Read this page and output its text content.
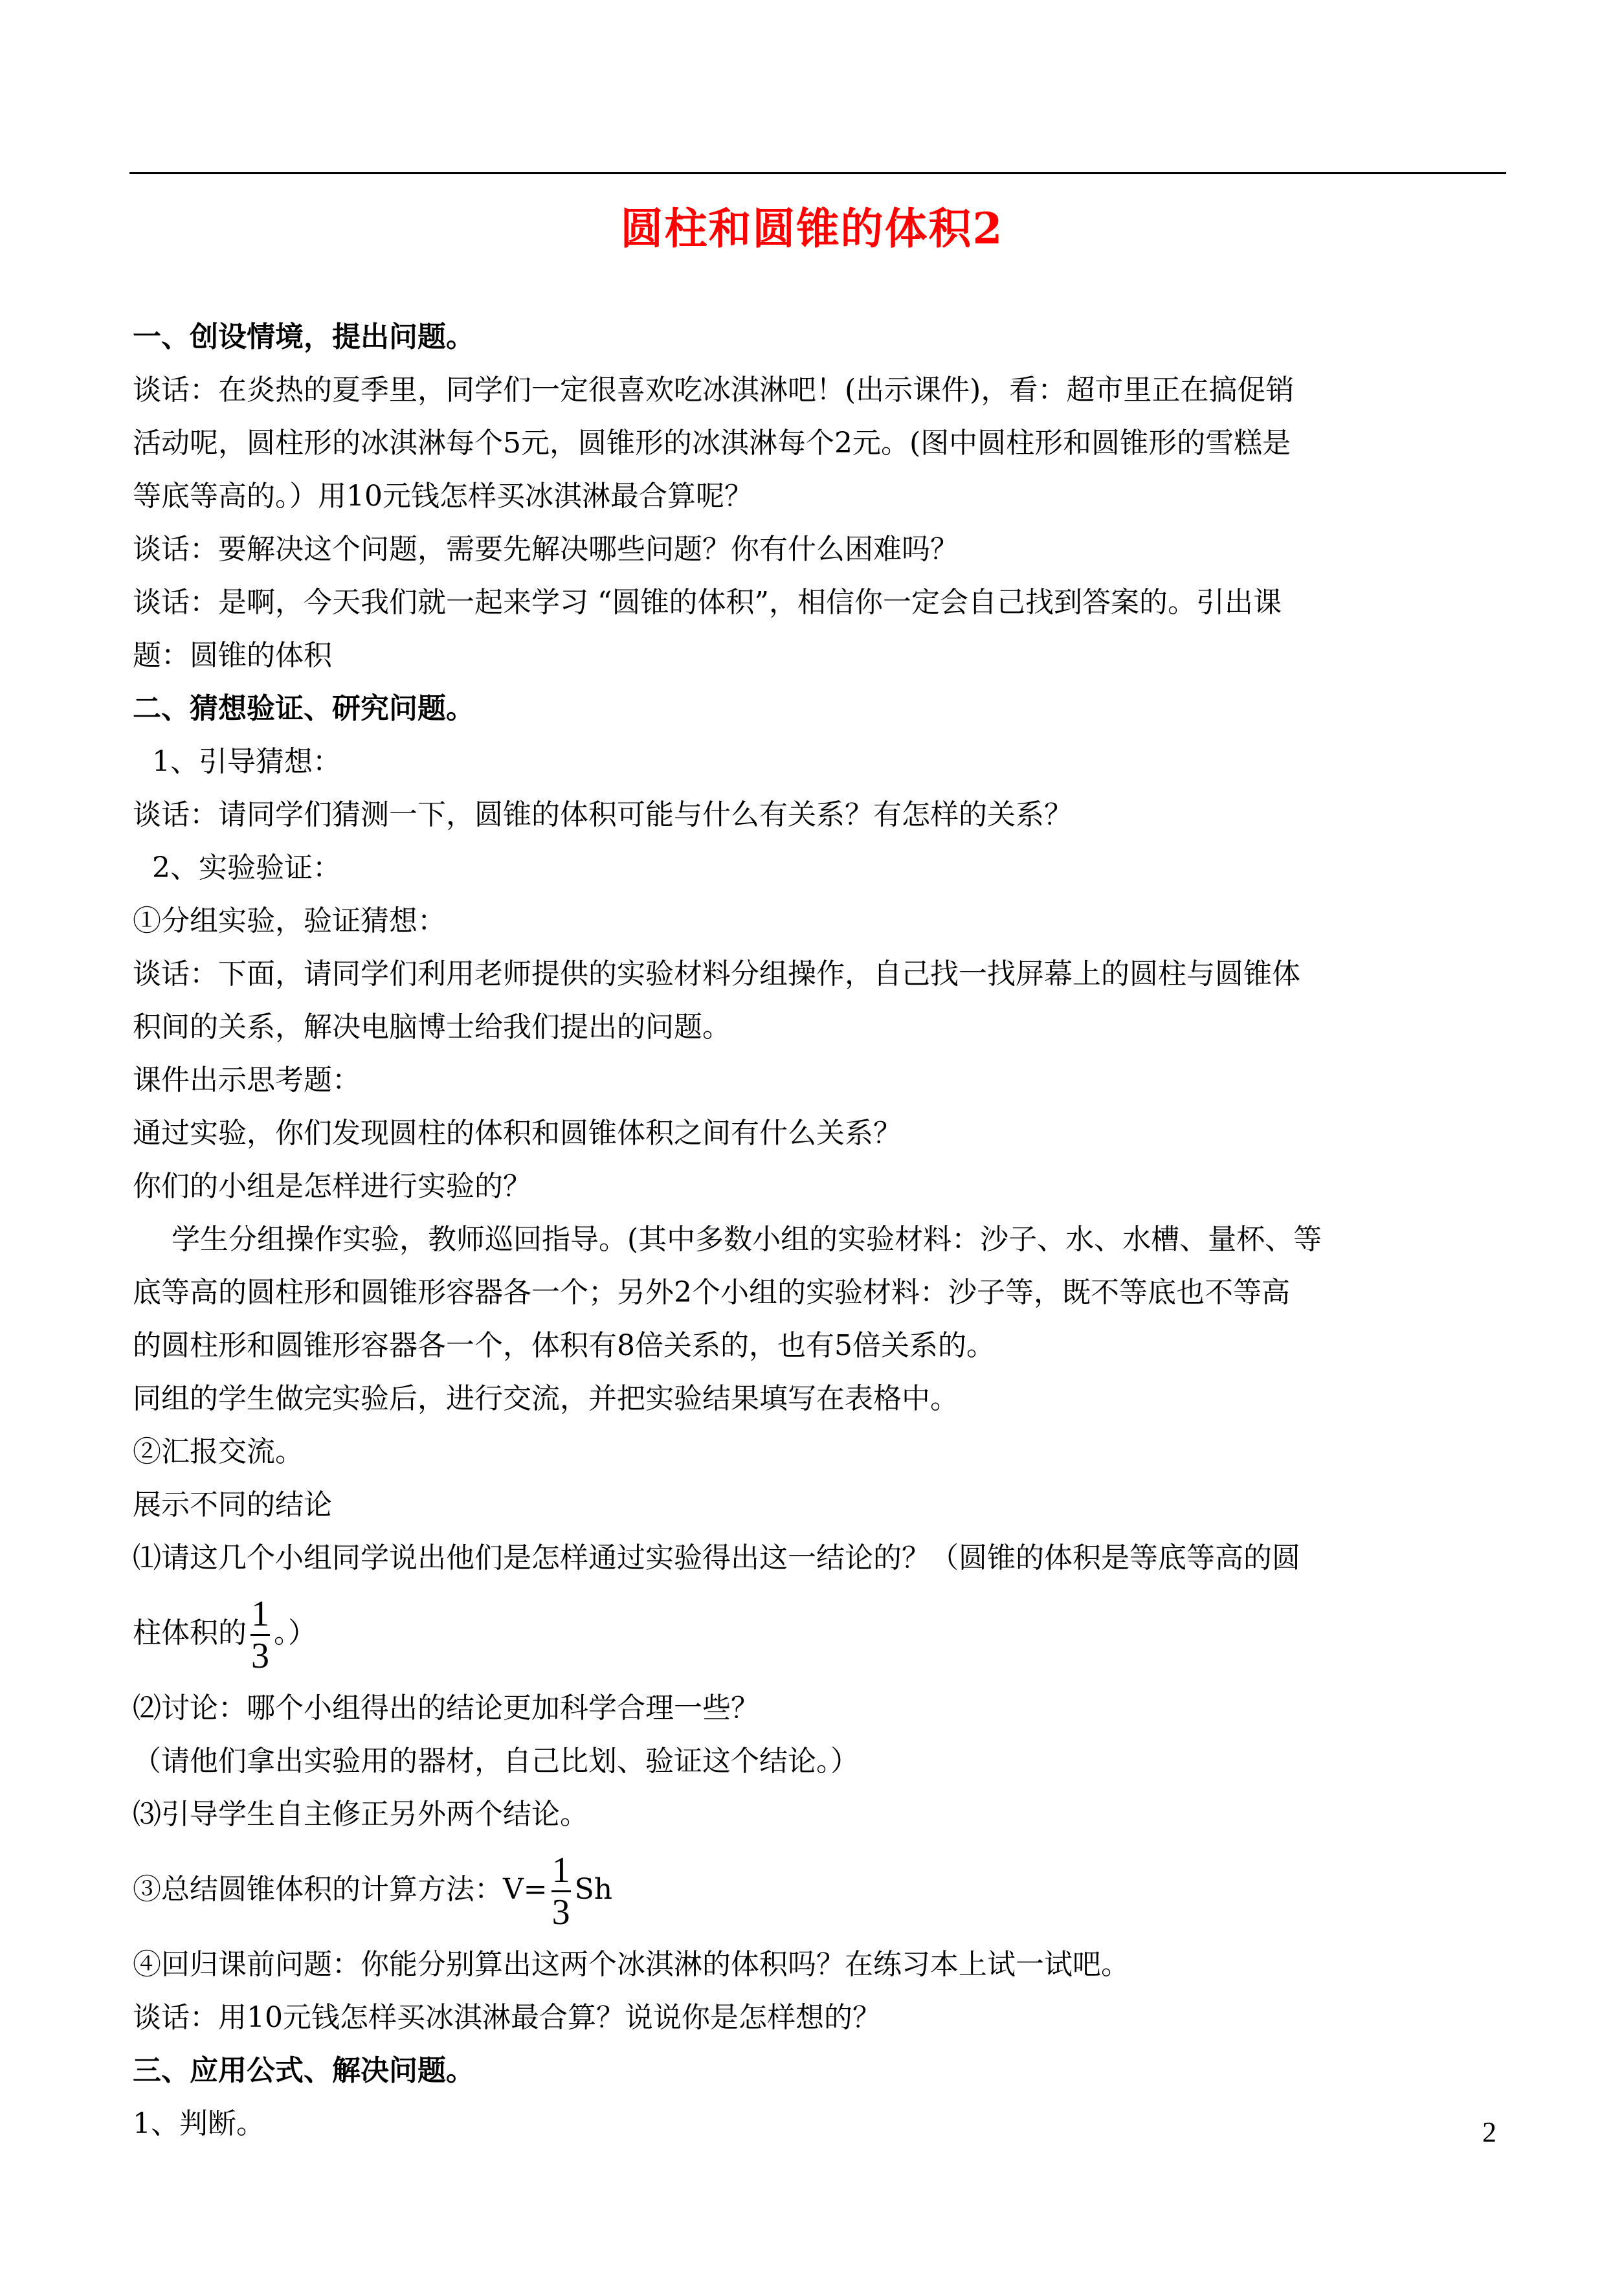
圆柱和圆锥的体积2

一、创设情境，提出问题。

谈话：在炎热的夏季里，同学们一定很喜欢吃冰淇淋吧！(出示课件)，看：超市里正在搞促销

活动呢，圆柱形的冰淇淋每个5元，圆锥形的冰淇淋每个2元。(图中圆柱形和圆锥形的雪糕是

等底等高的。）用10元钱怎样买冰淇淋最合算呢？

谈话：要解决这个问题，需要先解决哪些问题？你有什么困难吗？

谈话：是啊，今天我们就一起来学习 “圆锥的体积”，相信你一定会自己找到答案的。引出课

题：圆锥的体积

二、猜想验证、研究问题。

1、引导猜想：

谈话：请同学们猜测一下，圆锥的体积可能与什么有关系？有怎样的关系？

2、实验验证：

①分组实验，验证猜想：

谈话：下面，请同学们利用老师提供的实验材料分组操作，自己找一找屏幕上的圆柱与圆锥体

积间的关系，解决电脑博士给我们提出的问题。

课件出示思考题：

通过实验，你们发现圆柱的体积和圆锥体积之间有什么关系？

你们的小组是怎样进行实验的？

学生分组操作实验，教师巡回指导。(其中多数小组的实验材料：沙子、水、水槽、量杯、等

底等高的圆柱形和圆锥形容器各一个；另外2个小组的实验材料：沙子等，既不等底也不等高

的圆柱形和圆锥形容器各一个，体积有8倍关系的，也有5倍关系的。

同组的学生做完实验后，进行交流，并把实验结果填写在表格中。

②汇报交流。

展示不同的结论

⑴请这几个小组同学说出他们是怎样通过实验得出这一结论的？（圆锥的体积是等底等高的圆

柱体积的 $\frac{1}{3}$ 。）

⑵讨论：哪个小组得出的结论更加科学合理一些？

（请他们拿出实验用的器材，自己比划、验证这个结论。）

⑶引导学生自主修正另外两个结论。

③总结圆锥体积的计算方法：$V= \frac{1}{3}$ Sh

④回归课前问题：你能分别算出这两个冰淇淋的体积吗？在练习本上试一试吧。

谈话：用10元钱怎样买冰淇淋最合算？说说你是怎样想的？

三、应用公式、解决问题。

1、判断。	2
